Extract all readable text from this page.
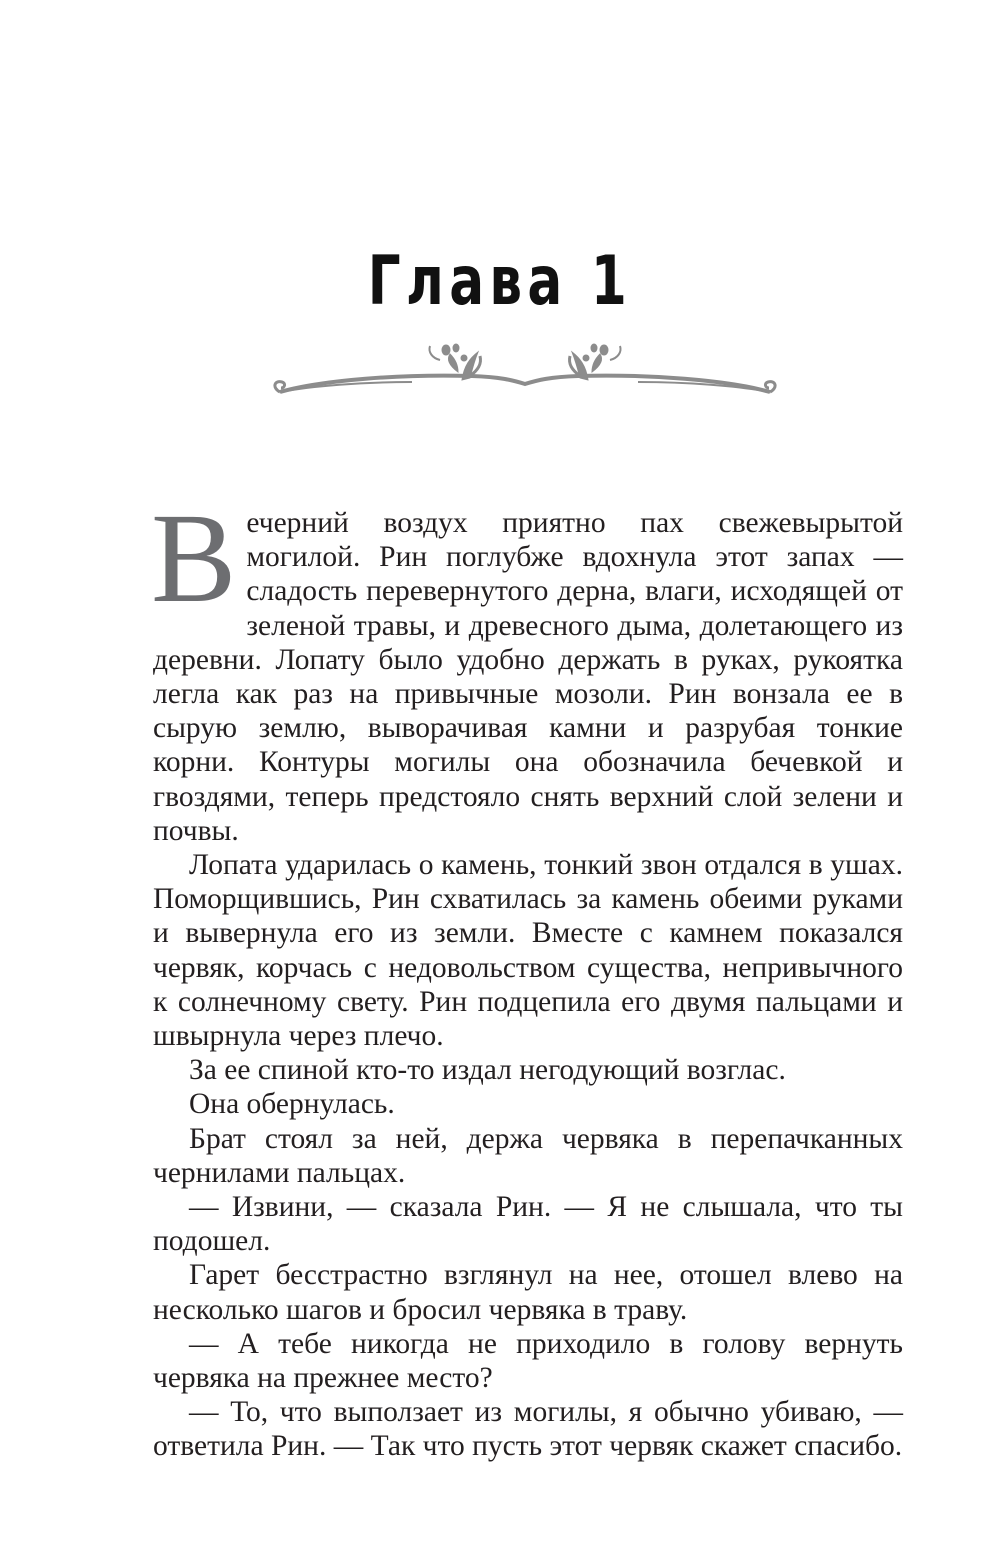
Глава 1

Вечерний воздух приятно пах свежевырытой могилой. Рин поглубже вдохнула этот запах — сладость перевернутого дерна, влаги, исходящей от зеленой травы, и древесного дыма, долетающего из деревни. Лопату было удобно держать в руках, рукоятка легла как раз на привычные мозоли. Рин вонзала ее в сырую землю, выворачивая камни и разрубая тонкие корни. Контуры могилы она обозначила бечевкой и гвоздями, теперь предстояло снять верхний слой зелени и почвы.

Лопата ударилась о камень, тонкий звон отдался в ушах. Поморщившись, Рин схватилась за камень обеими руками и вывернула его из земли. Вместе с камнем показался червяк, корчась с недовольством существа, непривычного к солнечному свету. Рин подцепила его двумя пальцами и швырнула через плечо.

За ее спиной кто-то издал негодующий возглас.

Она обернулась.

Брат стоял за ней, держа червяка в перепачканных чернилами пальцах.

— Извини, — сказала Рин. — Я не слышала, что ты подошел.

Гарет бесстрастно взглянул на нее, отошел влево на несколько шагов и бросил червяка в траву.

— А тебе никогда не приходило в голову вернуть червяка на прежнее место?

— То, что выползает из могилы, я обычно убиваю, — ответила Рин. — Так что пусть этот червяк скажет спасибо.
